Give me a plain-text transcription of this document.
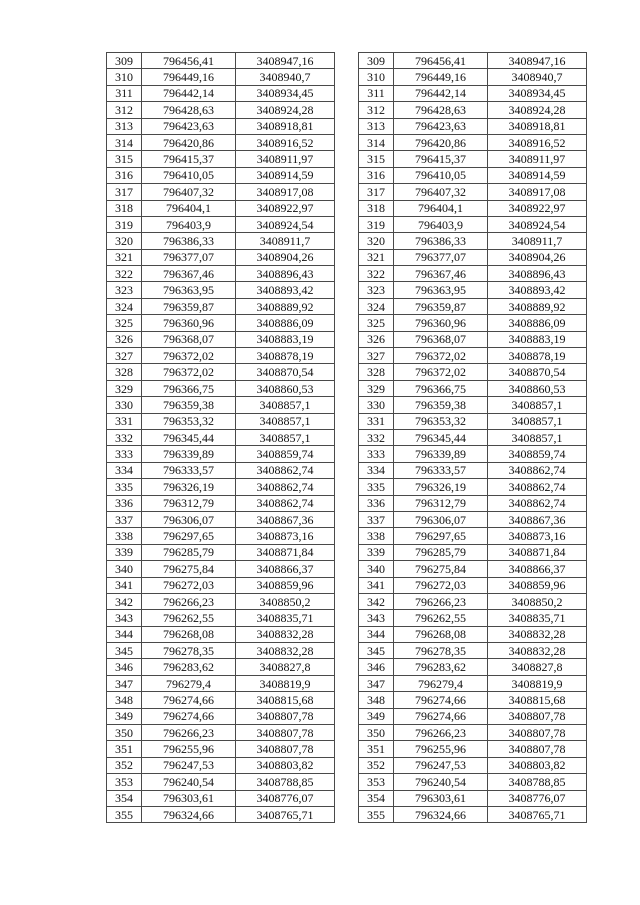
309	796456,41	3408947,16
310	796449,16	3408940,7
311	796442,14	3408934,45
312	796428,63	3408924,28
313	796423,63	3408918,81
314	796420,86	3408916,52
315	796415,37	3408911,97
316	796410,05	3408914,59
317	796407,32	3408917,08
318	796404,1	3408922,97
319	796403,9	3408924,54
320	796386,33	3408911,7
321	796377,07	3408904,26
322	796367,46	3408896,43
323	796363,95	3408893,42
324	796359,87	3408889,92
325	796360,96	3408886,09
326	796368,07	3408883,19
327	796372,02	3408878,19
328	796372,02	3408870,54
329	796366,75	3408860,53
330	796359,38	3408857,1
331	796353,32	3408857,1
332	796345,44	3408857,1
333	796339,89	3408859,74
334	796333,57	3408862,74
335	796326,19	3408862,74
336	796312,79	3408862,74
337	796306,07	3408867,36
338	796297,65	3408873,16
339	796285,79	3408871,84
340	796275,84	3408866,37
341	796272,03	3408859,96
342	796266,23	3408850,2
343	796262,55	3408835,71
344	796268,08	3408832,28
345	796278,35	3408832,28
346	796283,62	3408827,8
347	796279,4	3408819,9
348	796274,66	3408815,68
349	796274,66	3408807,78
350	796266,23	3408807,78
351	796255,96	3408807,78
352	796247,53	3408803,82
353	796240,54	3408788,85
354	796303,61	3408776,07
355	796324,66	3408765,71
309	796456,41	3408947,16
310	796449,16	3408940,7
311	796442,14	3408934,45
312	796428,63	3408924,28
313	796423,63	3408918,81
314	796420,86	3408916,52
315	796415,37	3408911,97
316	796410,05	3408914,59
317	796407,32	3408917,08
318	796404,1	3408922,97
319	796403,9	3408924,54
320	796386,33	3408911,7
321	796377,07	3408904,26
322	796367,46	3408896,43
323	796363,95	3408893,42
324	796359,87	3408889,92
325	796360,96	3408886,09
326	796368,07	3408883,19
327	796372,02	3408878,19
328	796372,02	3408870,54
329	796366,75	3408860,53
330	796359,38	3408857,1
331	796353,32	3408857,1
332	796345,44	3408857,1
333	796339,89	3408859,74
334	796333,57	3408862,74
335	796326,19	3408862,74
336	796312,79	3408862,74
337	796306,07	3408867,36
338	796297,65	3408873,16
339	796285,79	3408871,84
340	796275,84	3408866,37
341	796272,03	3408859,96
342	796266,23	3408850,2
343	796262,55	3408835,71
344	796268,08	3408832,28
345	796278,35	3408832,28
346	796283,62	3408827,8
347	796279,4	3408819,9
348	796274,66	3408815,68
349	796274,66	3408807,78
350	796266,23	3408807,78
351	796255,96	3408807,78
352	796247,53	3408803,82
353	796240,54	3408788,85
354	796303,61	3408776,07
355	796324,66	3408765,71
